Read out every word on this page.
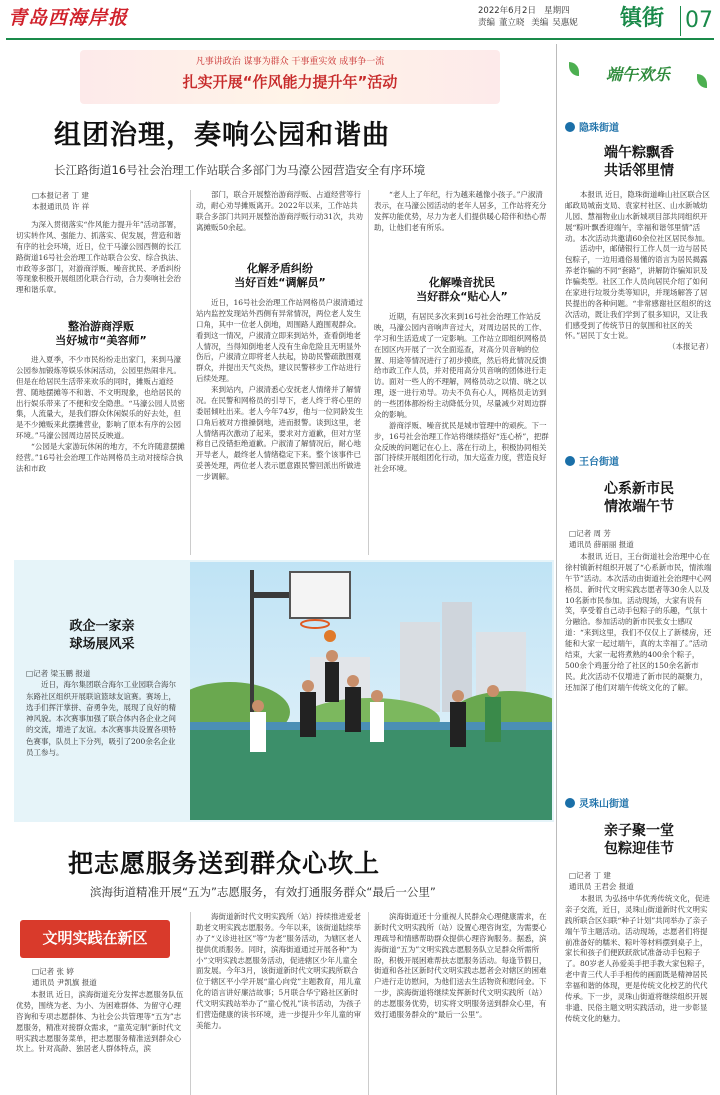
青岛西海岸报	2022年6月2日 星期四
责编 董立晓 美编 吴惠妮 镇街 07
凡事讲政治 谋事为群众 干事重实效 成事争一流
扎实开展“作风能力提升年”活动
组团治理，奏响公园和谐曲
长江路街道16号社会治理工作站联合多部门为马濠公园营造安全有序环境
□本报记者 丁 建
本报通讯员 许 祥

为深入贯彻落实“作风能力提升年”活动部署，切实转作风、强能力、抓落实、促发展，营造和谐有序的社会环境，近日，位于马濠公园西侧的长江路街道16号社会治理工作站联合公安、综合执法、市政等多部门，对游商浮贩、噪音扰民、矛盾纠纷等现象积极开展组团化联合行动，合力奏响社会治理和谐乐章。

整治游商浮贩
当好城市“美容师”

进入夏季，不少市民纷纷走出家门，来到马濠公园参加锻炼等娱乐休闲活动，公园里热闹非凡。但是在给居民生活带来欢乐的同时，摊贩占道经营、随地摆摊等不和谐、不文明现象，也给居民的出行娱乐带来了不便和安全隐患。“马濠公园人员密集，人流量大，是我们群众休闲娱乐的好去处，但是不少摊贩来此摆摊营业，影响了原本有序的公园环境。”马濠公园周边居民反映道。

“公园是大家游玩休闲的地方，不允许随意摆摊经营。”16号社会治理工作站网格员主动对接综合执法和市政

部门，联合开展整治游商浮贩、占道经营等行动，耐心劝导摊贩离开。2022年以来，工作站共联合多部门共同开展整治游商浮贩行动31次，共劝离摊贩50余起。

化解矛盾纠纷
当好百姓“调解员”

近日，16号社会治理工作站网格员户淑清通过站内监控发现站外西侧有异常情况，两位老人发生口角，其中一位老人倒地，周围路人跑围观群众。看到这一情况，户淑清立即来到站外，查看倒地老人情况，当得知倒地老人没有生命危险且无明显外伤后，户淑清立即将老人扶起，协助民警疏散围观群众，并提出天气炎热，建议民警移步工作站进行后续处理。

来到站内，户淑清悉心安抚老人情绪并了解情况。在民警和网格员的引导下，老人终于将心里的委屈倾吐出来。老人今年74岁，他与一位同龄发生口角后被对方推搡倒地，进而报警。谈到这里，老人情绪再次激动了起来，要求对方道歉，但对方坚称自己没错拒绝道歉。户淑清了解情况后，耐心地开导老人，最终老人情绪稳定下来。整个该事件已妥善处理，两位老人表示愿意跟民警回派出所做进一步调解。

“老人上了年纪，行为越来越像小孩子。”户淑清表示，在马濠公园活动的老年人居多，工作站将充分发挥功能优势，尽力为老人们提供暖心陪伴和热心帮助，让他们老有所乐。

化解噪音扰民
当好群众“贴心人”

近期，有居民多次来到16号社会治理工作站反映，马濠公园内音响声音过大，对周边居民的工作、学习和生活造成了一定影响。工作站立即组织网格员在园区内开展了一次全面巡查，对高分贝音响的位置、用途等情况进行了初步摸底，然后将此情况反馈给市政工作人员，并对使用高分贝音响的团体进行走访。面对一些人的不理解，网格员动之以情、晓之以理，逐一进行劝导。功夫不负有心人，网格员走访到的一些团体都纷纷主动降低分贝，尽量减少对周边群众的影响。

游商浮贩、噪音扰民是城市管理中的顽疾。下一步，16号社会治理工作站将继续搭好“连心桥”，把群众反映的问题记在心上、落在行动上，积极协同相关部门持续开展组团化行动，加大巡查力度，营造良好社会环境。

政企一家亲
球场展风采
□记者 梁玉鹏 报道
近日，海尔集团联合海尔工业园联合海尔东路社区组织开展联谊篮球友谊赛。赛场上，选手们挥汗掌拼、奋勇争先，展现了良好的精神风貌。本次赛事加强了联合体内各企业之间的交流，增进了友谊。本次赛事共设置各项特色赛事，队员上下分列，吸引了200余名企业员工参与。
把志愿服务送到群众心坎上
滨海街道精准开展“五为”志愿服务，有效打通服务群众“最后一公里”
文明实践在新区
□记者 张 婷
通讯员 尹凯旗 报道

本报讯 近日，滨海街道充分发挥志愿服务队伍优势，围绕为老、为小、为困难群体、为留守心理咨询和专项志愿群体、为社会公共管理等“五为”志愿服务，精准对接群众需求，“童英定制”新时代文明实践志愿服务菜单，把志愿服务精准送到群众心坎上。针对高龄、独居老人群体特点，滨

海街道新时代文明实践所（站）持续推进爱老助老文明实践志愿服务。今年以来，该街道陆续举办了“义诊进社区”等“为老”服务活动，为辖区老人提供优质服务。同时，滨海街道通过开展各种“为小”文明实践志愿服务活动，促进辖区少年儿童全面发展。今年3月，该街道新时代文明实践所联合位于辖区平小学开展“童心向党”主题教育，用儿童化的语言讲好廉洁故事；5月联合华宁路社区新时代文明实践站举办了“童心悦礼”读书活动，为孩子们营造健康的读书环境，进一步提升少年儿童的审美能力。

滨海街道还十分重视人民群众心理健康需求，在新时代文明实践所（站）设置心理咨询室，为需要心理疏导和情感帮助群众提供心理咨询服务。据悉，滨海街道“五为”文明实践志愿服务队立足群众所需所盼，积极开展困难帮扶志愿服务活动。每逢节假日，街道和各社区新时代文明实践志愿者会对辖区的困难户进行走访慰问，为他们送去生活物资和慰问金。下一步，滨海街道将继续发挥新时代文明实践所（站）的志愿服务优势，切实将文明服务送到群众心里，有效打通服务群众的“最后一公里”。

端午欢乐
隐珠街道
端午粽飘香
共话邻里情
本报讯 近日，隐珠街道峰山社区联合区邮政局城南支局、袁家村社区、山水新城幼儿园、慧福物业山水新城项目部共同组织开展“粽叶飘香迎端午，幸福和谐邻里情”活动。本次活动共邀请60余位社区居民参加。
活动中，邮储银行工作人员一边与居民包粽子，一边用通俗易懂的语言为居民揭露养老诈骗的不同“套路”，讲解防诈骗知识及诈骗类型。社区工作人员向居民介绍了如何在家进行垃圾分类等知识，并现场解答了居民提出的各种问题。“非常感谢社区组织的这次活动，既让我们学到了很多知识，又让我们感受到了传统节日的氛围和社区的关怀。”居民丁女士说。
（本报记者）
王台街道
心系新市民
情浓端午节
□记者 周 芳
通讯员 薛丽丽 报道
本报讯 近日，王台街道社会治理中心在徐村镇新村组织开展了“心系新市民，情浓端午节”活动。本次活动由街道社会治理中心网格员、新时代文明实践志愿者等30余人以及10名新市民参加。活动现场，大家有说有笑，享受着自己动手包粽子的乐趣，气氛十分融洽。参加活动的新市民张女士感叹道：“来到这里，我们不仅仅上了新楼房，还能和大家一起过端午，真的太幸福了。”活动结束，大家一起将煮熟的400余个粽子，500余个鸡蛋分给了社区的150余名新市民。此次活动不仅增进了新市民的凝聚力，还加深了他们对端午传统文化的了解。
灵珠山街道
亲子聚一堂
包粽迎佳节
□记者 丁 建
通讯员 王君会 报道
本报讯 为弘扬中华优秀传统文化，促进亲子交流，近日，灵珠山街道新时代文明实践所联合区妇联“种子计划”共同举办了亲子端午节主题活动。活动现场，志愿者们将提前准备好的糯米、粽叶等材料摆到桌子上，家长和孩子们便跃跃欲试准备动手包粽子了。80岁老人孙爱美手把手教大家包粽子，老中青三代人手手相传的画面既是精神居民幸福和谐的体现，更是传统文化校艺的代代传承。下一步，灵珠山街道将继续组织开展非遗、民俗主题文明实践活动，进一步彰显传统文化的魅力。
